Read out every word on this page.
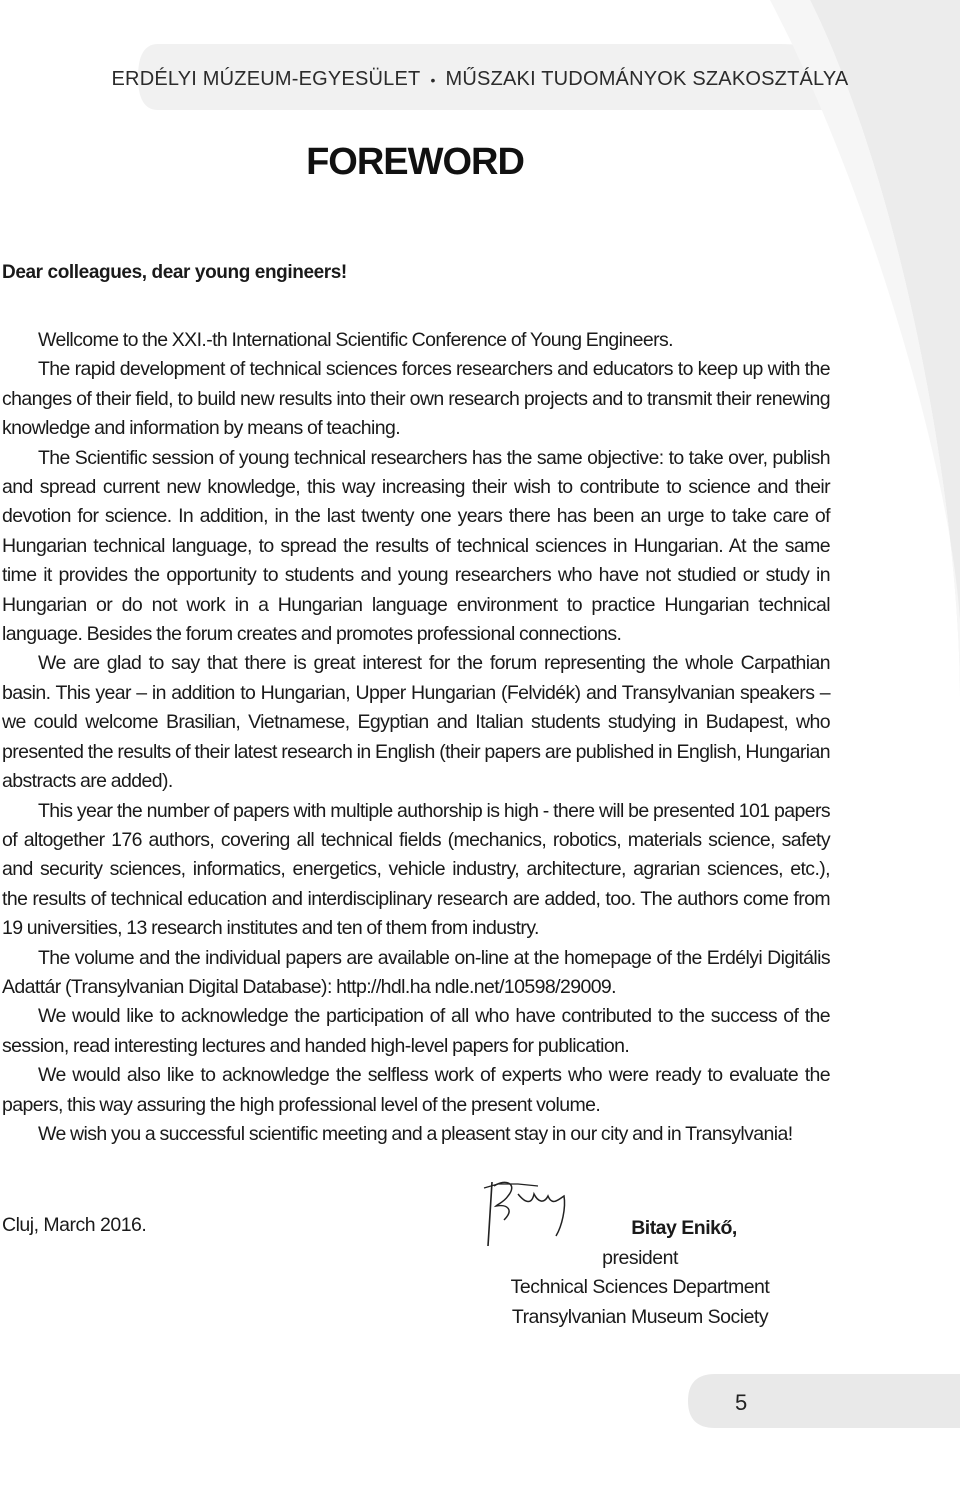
ERDÉLYI MÚZEUM-EGYESÜLET • MŰSZAKI TUDOMÁNYOK SZAKOSZTÁLYA
FOREWORD
Dear colleagues, dear young engineers!

Wellcome to the XXI.-th International Scientific Conference of Young Engineers.

The rapid development of technical sciences forces researchers and educators to keep up with the changes of their field, to build new results into their own research projects and to transmit their renewing knowledge and information by means of teaching.

The Scientific session of young technical researchers has the same objective: to take over, publish and spread current new knowledge, this way increasing their wish to contribute to science and their devotion for science. In addition, in the last twenty one years there has been an urge to take care of Hungarian technical language, to spread the results of technical sciences in Hungarian. At the same time it provides the opportunity to students and young researchers who have not studied or study in Hungarian or do not work in a Hungarian language environment to practice Hungarian technical language. Besides the forum creates and promotes professional connections.

We are glad to say that there is great interest for the forum representing the whole Carpathian basin. This year – in addition to Hungarian, Upper Hungarian (Felvidék) and Transylvanian speakers – we could welcome Brasilian, Vietnamese, Egyptian and Italian students studying in Budapest, who presented the results of their latest research in English (their papers are published in English, Hungarian abstracts are added).

This year the number of papers with multiple authorship is high - there will be presented 101 papers of altogether 176 authors, covering all technical fields (mechanics, robotics, materials science, safety and security sciences, informatics, energetics, vehicle industry, architecture, agrarian sciences, etc.), the results of technical education and interdisciplinary research are added, too. The authors come from 19 universities, 13 research institutes and ten of them from industry.

The volume and the individual papers are available on-line at the homepage of the Erdélyi Digitális Adattár (Transylvanian Digital Database): http://hdl.ha ndle.net/10598/29009.

We would like to acknowledge the participation of all who have contributed to the success of the session, read interesting lectures and handed high-level papers for publication.

We would also like to acknowledge the selfless work of experts who were ready to evaluate the papers, this way assuring the high professional level of the present volume.

We wish you a successful scientific meeting and a pleasent stay in our city and in Transylvania!

Cluj, March 2016.	Bitay Enikő,
president
Technical Sciences Department
Transylvanian Museum Society
5
